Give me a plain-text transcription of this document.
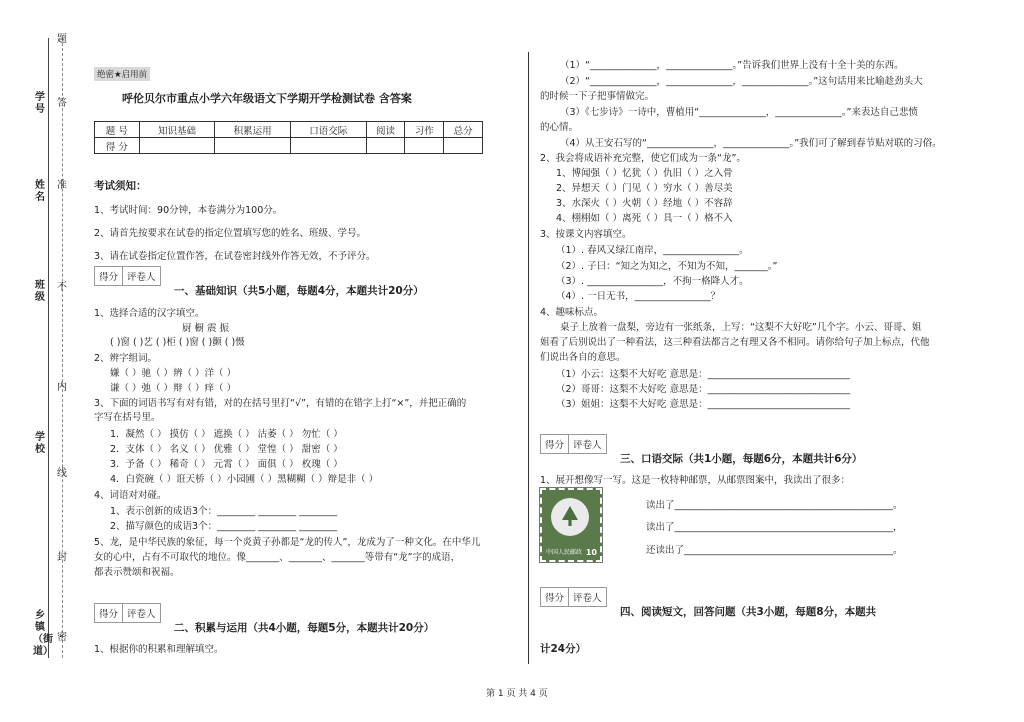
学号
姓名
班级
学校
乡镇（街道）
题
答
准
不
内
线
封
密
绝密★启用前
呼伦贝尔市重点小学六年级语文下学期开学检测试卷 含答案
题 号	知识基础	积累运用	口语交际	阅读	习作	总分
得 分						
考试须知：
1、考试时间：90分钟，本卷满分为100分。
2、请首先按要求在试卷的指定位置填写您的姓名、班级、学号。
3、请在试卷指定位置作答，在试卷密封线外作答无效，不予评分。
得分 评卷人
一、基础知识（共5小题，每题4分，本题共计20分）
1、选择合适的汉字填空。
厨 橱 震 振
( )窗 ( )艺 ( )柜 ( )窗 ( )颤 ( )慑
2、辨字组词。
嫌（ ）驰（ ）辨（ ）洋（ ）
谦（ ）弛（ ）辩（ ）痒（ ）
3、下面的词语书写有对有错，对的在括号里打“√”，有错的在错字上打“×”，并把正确的
字写在括号里。
1．凝然（ ） 摸仿（ ） 遮换（ ） 沽萎（ ） 勿忙（ ）
2．支体（ ） 名义（ ） 优雅（ ） 堂惶（ ） 甜密（ ）
3．予备（ ） 稀奇（ ） 元霄（ ） 面俱（ ） 枚瑰（ ）
4．白瓷碗（ ）诳天桥（ ）小园圃（ ）黑糊糊（ ）辩是非（ ）
4、词语对对碰。
1、表示创新的成语3个：________ ________ ________
2、描写颜色的成语3个：________ ________ ________
5、龙，是中华民族的象征，每一个炎黄子孙都是“龙的传人”，龙成为了一种文化。在中华儿
女的心中，占有不可取代的地位。像_______、_______、_______等带有“龙”字的成语，
都表示赞颂和祝福。
得分 评卷人
二、积累与运用（共4小题，每题5分，本题共计20分）
1、根据你的积累和理解填空。
（1）“______________，______________。”告诉我们世界上没有十全十美的东西。
（2）“______________，______________，______________。”这句话用来比喻趁劲头大
的时候一下子把事情做完。
（3）《七步诗》一诗中，曹植用“______________，______________。”来表达自己悲愤
的心情。
（4）从王安石写的“______________，______________。”我们可了解到春节贴对联的习俗。
2、我会将成语补充完整，使它们成为一条“龙”。
1、博闻强（ ）忆犹（ ）仇旧（ ）之入骨
2、异想天（ ）门见（ ）穷水（ ）善尽美
3、水深火（ ）火朝（ ）经地（ ）不容辞
4、栩栩如（ ）离死（ ）具一（ ）格不入
3、按课文内容填空。
（1）. 春风又绿江南岸，________________。
（2）. 子曰：“知之为知之，不知为不知，_______。”
（3）. ________________，不拘一格降人才。
（4）. 一日无书，________________？
4、趣味标点。
桌子上放着一盘梨，旁边有一张纸条，上写：“这梨不大好吃”几个字。小云、哥哥、姐
姐看了后别说出了一种看法，这三种看法都言之有理又各不相同。请你给句子加上标点，代他
们说出各自的意思。
（1）小云：这梨不大好吃 意思是：______________________________
（2）哥哥：这梨不大好吃 意思是：______________________________
（3）姐姐：这梨不大好吃 意思是：______________________________
得分 评卷人
三、口语交际（共1小题，每题6分，本题共计6分）
1、展开想像写一写。这是一枚特种邮票，从邮票图案中，我读出了很多：
中国人民邮政 10
读出了______________________________________________。
读出了______________________________________________，
还读出了____________________________________________。
得分 评卷人
四、阅读短文，回答问题（共3小题，每题8分，本题共
计24分）
第 1 页 共 4 页
